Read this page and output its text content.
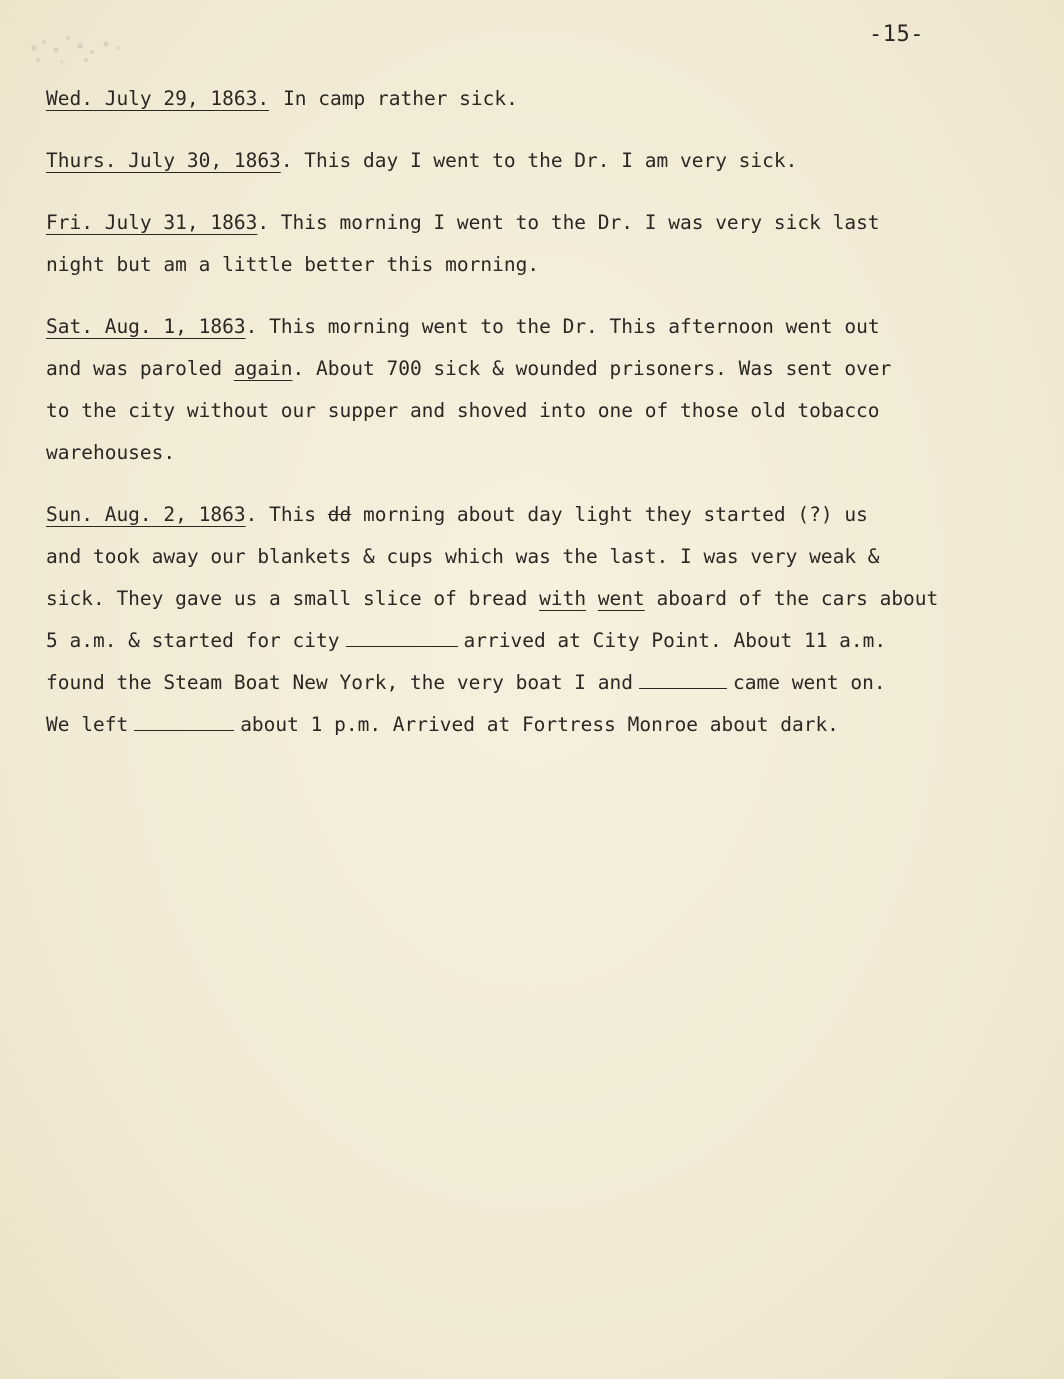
-15-
Wed. July 29, 1863. In camp rather sick.
Thurs. July 30, 1863. This day I went to the Dr. I am very sick.
Fri. July 31, 1863. This morning I went to the Dr. I was very sick last
night but am a little better this morning.
Sat. Aug. 1, 1863. This morning went to the Dr. This afternoon went out
and was paroled again. About 700 sick & wounded prisoners. Was sent over
to the city without our supper and shoved into one of those old tobacco
warehouses.
Sun. Aug. 2, 1863. This dd morning about day light they started (?) us
and took away our blankets & cups which was the last. I was very weak &
sick. They gave us a small slice of bread with went aboard of the cars about
5 a.m. & started for city	arrived at City Point. About 11 a.m.
found the Steam Boat New York, the very boat I and	came went on.
We left	about 1 p.m. Arrived at Fortress Monroe about dark.
